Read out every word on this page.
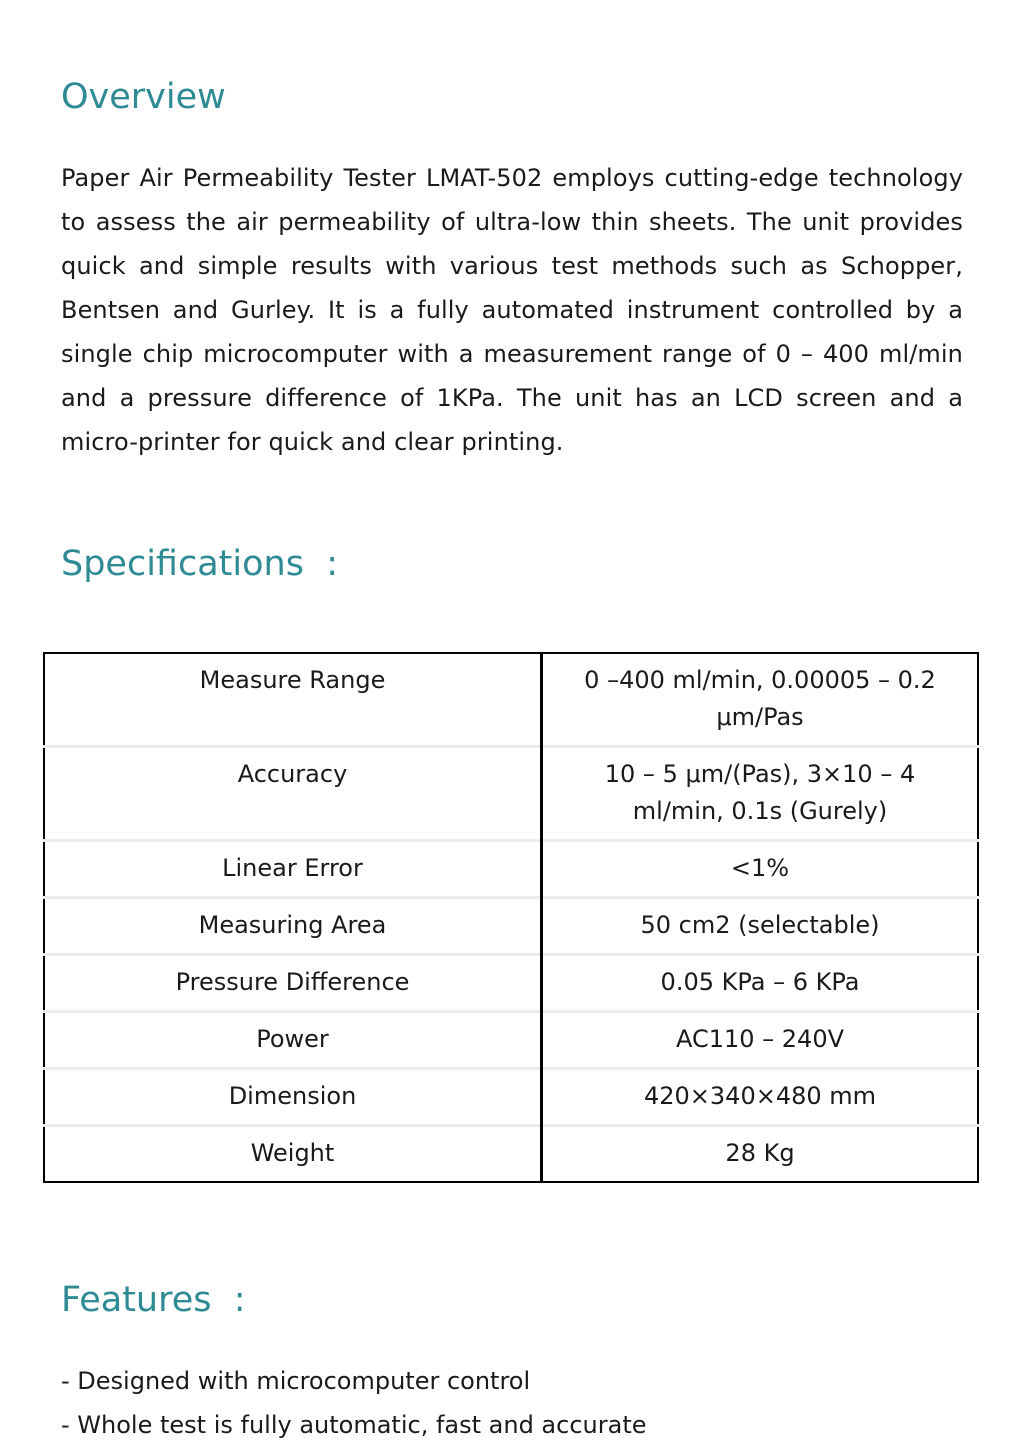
Overview

Paper Air Permeability Tester LMAT-502 employs cutting-edge technology to assess the air permeability of ultra-low thin sheets. The unit provides quick and simple results with various test methods such as Schopper, Bentsen and Gurley. It is a fully automated instrument controlled by a single chip microcomputer with a measurement range of 0 – 400 ml/min and a pressure difference of 1KPa. The unit has an LCD screen and a micro-printer for quick and clear printing.

Specifications  :
Measure Range	0 –400 ml/min, 0.00005 – 0.2 μm/Pas
Accuracy	10 – 5 μm/(Pas), 3×10 – 4 ml/min, 0.1s (Gurely)
Linear Error	<1%
Measuring Area	50 cm2 (selectable)
Pressure Difference	0.05 KPa – 6 KPa
Power	AC110 – 240V
Dimension	420×340×480 mm
Weight	28 Kg
Features  :
- Designed with microcomputer control
- Whole test is fully automatic, fast and accurate
